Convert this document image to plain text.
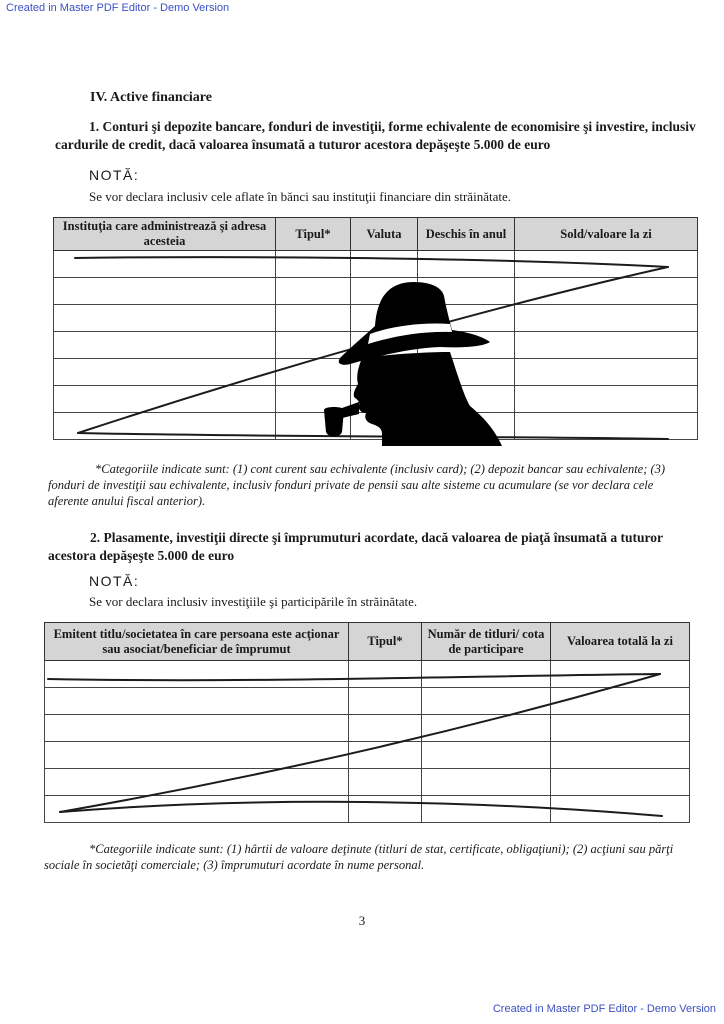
Created in Master PDF Editor - Demo Version
IV. Active financiare
1. Conturi şi depozite bancare, fonduri de investiţii, forme echivalente de economisire şi investire, inclusiv cardurile de credit, dacă valoarea însumată a tuturor acestora depăşeşte 5.000 de euro
NOTĂ:
Se vor declara inclusiv cele aflate în bănci sau instituţii financiare din străinătate.
Instituţia care administrează şi adresa acesteia	Tipul*	Valuta	Deschis în anul	Sold/valoare la zi

*Categoriile indicate sunt: (1) cont curent sau echivalente (inclusiv card); (2) depozit bancar sau echivalente; (3) fonduri de investiţii sau echivalente, inclusiv fonduri private de pensii sau alte sisteme cu acumulare (se vor declara cele aferente anului fiscal anterior).
2. Plasamente, investiţii directe şi împrumuturi acordate, dacă valoarea de piaţă însumată a tuturor acestora depăşeşte 5.000 de euro
NOTĂ:
Se vor declara inclusiv investiţiile şi participările în străinătate.
Emitent titlu/societatea în care persoana este acţionar sau asociat/beneficiar de împrumut	Tipul*	Număr de titluri/ cota de participare	Valoarea totală la zi

*Categoriile indicate sunt: (1) hârtii de valoare deţinute (titluri de stat, certificate, obligaţiuni); (2) acţiuni sau părţi sociale în societăţi comerciale; (3) împrumuturi acordate în nume personal.
3
Created in Master PDF Editor - Demo Version
